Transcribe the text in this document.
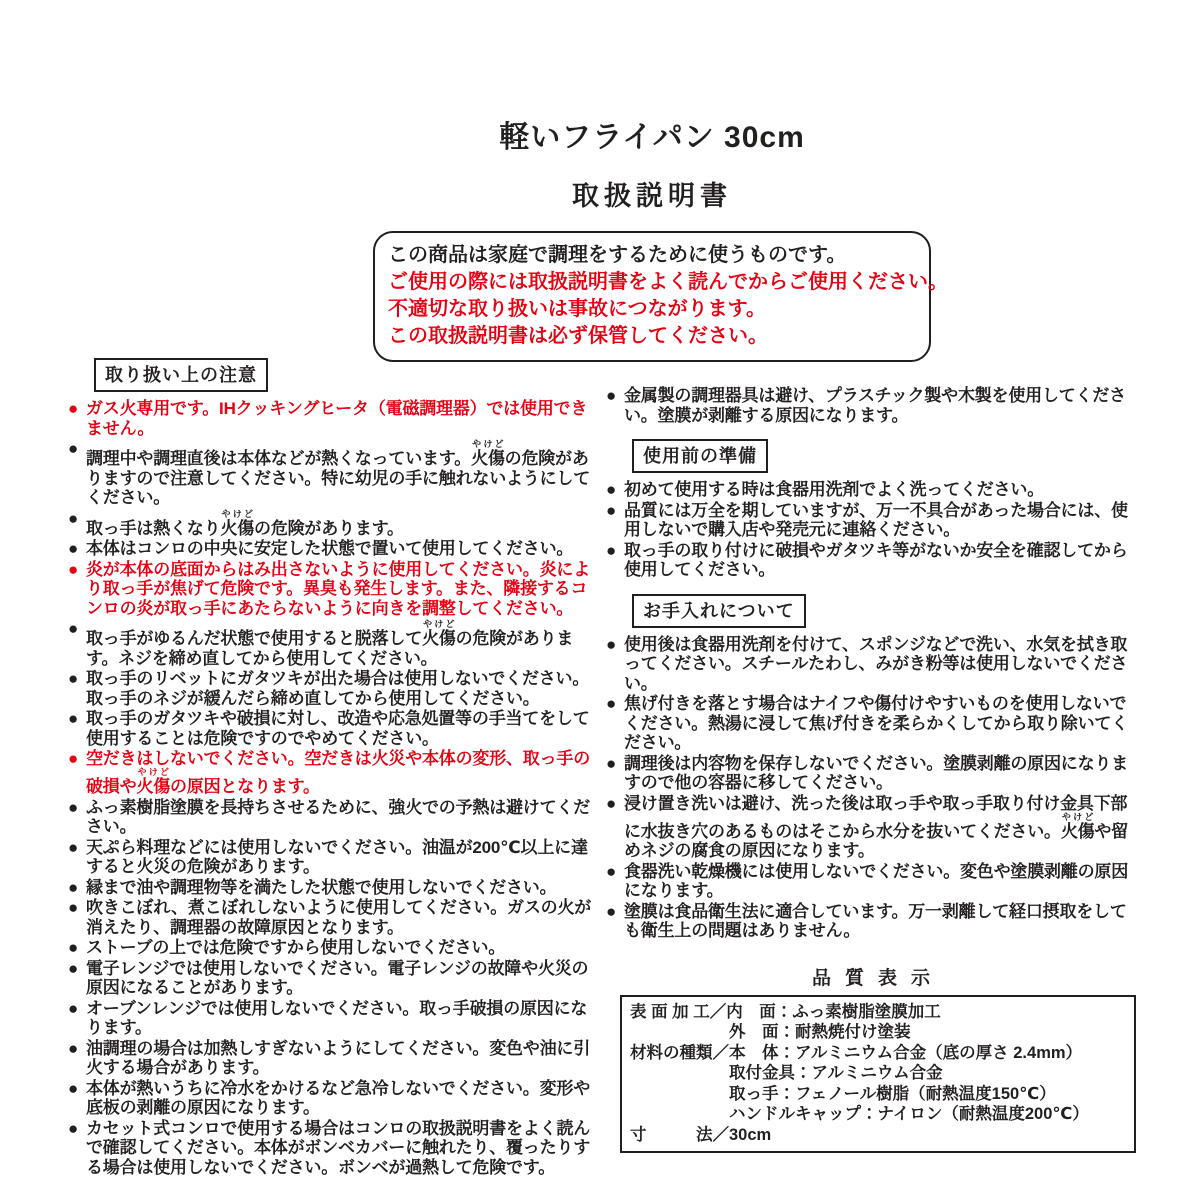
軽いフライパン 30cm
取扱説明書

この商品は家庭で調理をするために使うものです。

ご使用の際には取扱説明書をよく読んでからご使用ください。

不適切な取り扱いは事故につながります。

この取扱説明書は必ず保管してください。

取り扱い上の注意
● ガス火専用です。IHクッキングヒータ（電磁調理器）では使用できません。
●
調理中や調理直後は本体などが熱くなっています。火傷やけどの危険がありますので注意してください。特に幼児の手に触れないようにしてください。
●
取っ手は熱くなり火傷やけどの危険があります。
● 本体はコンロの中央に安定した状態で置いて使用してください。
● 炎が本体の底面からはみ出さないように使用してください。炎により取っ手が焦げて危険です。異臭も発生します。また、隣接するコンロの炎が取っ手にあたらないように向きを調整してください。
●
取っ手がゆるんだ状態で使用すると脱落して火傷やけどの危険があります。ネジを締め直してから使用してください。
● 取っ手のリベットにガタツキが出た場合は使用しないでください。取っ手のネジが緩んだら締め直してから使用してください。
● 取っ手のガタツキや破損に対し、改造や応急処置等の手当てをして使用することは危険ですのでやめてください。
● 空だきはしないでください。空だきは火災や本体の変形、取っ手の破損や火傷やけどの原因となります。
● ふっ素樹脂塗膜を長持ちさせるために、強火での予熱は避けてください。
● 天ぷら料理などには使用しないでください。油温が200℃以上に達すると火災の危険があります。
● 縁まで油や調理物等を満たした状態で使用しないでください。
● 吹きこぼれ、煮こぼれしないように使用してください。ガスの火が消えたり、調理器の故障原因となります。
● ストーブの上では危険ですから使用しないでください。
● 電子レンジでは使用しないでください。電子レンジの故障や火災の原因になることがあります。
● オーブンレンジでは使用しないでください。取っ手破損の原因になります。
● 油調理の場合は加熱しすぎないようにしてください。変色や油に引火する場合があります。
● 本体が熱いうちに冷水をかけるなど急冷しないでください。変形や底板の剥離の原因になります。
● カセット式コンロで使用する場合はコンロの取扱説明書をよく読んで確認してください。本体がボンベカバーに触れたり、覆ったりする場合は使用しないでください。ボンベが過熱して危険です。
● 金属製の調理器具は避け、プラスチック製や木製を使用してください。塗膜が剥離する原因になります。
使用前の準備
● 初めて使用する時は食器用洗剤でよく洗ってください。
● 品質には万全を期していますが、万一不具合があった場合には、使用しないで購入店や発売元に連絡ください。
● 取っ手の取り付けに破損やガタツキ等がないか安全を確認してから使用してください。
お手入れについて
● 使用後は食器用洗剤を付けて、スポンジなどで洗い、水気を拭き取ってください。スチールたわし、みがき粉等は使用しないでください。
● 焦げ付きを落とす場合はナイフや傷付けやすいものを使用しないでください。熱湯に浸して焦げ付きを柔らかくしてから取り除いてください。
● 調理後は内容物を保存しないでください。塗膜剥離の原因になりますので他の容器に移してください。
● 浸け置き洗いは避け、洗った後は取っ手や取っ手取り付け金具下部に水抜き穴のあるものはそこから水分を抜いてください。火傷やけどや留めネジの腐食の原因になります。
● 食器洗い乾燥機には使用しないでください。変色や塗膜剥離の原因になります。
● 塗膜は食品衛生法に適合しています。万一剥離して経口摂取をしても衛生上の問題はありません。
品質表示
表 面 加 工／内　面：ふっ素樹脂塗膜加工
　　　　　　外　面：耐熱焼付け塗装
材料の種類／本　体：アルミニウム合金（底の厚さ 2.4mm）
　　　　　　取付金具：アルミニウム合金
　　　　　　取っ手：フェノール樹脂（耐熱温度150℃）
　　　　　　ハンドルキャップ：ナイロン（耐熱温度200℃）
寸　　　法／30cm
